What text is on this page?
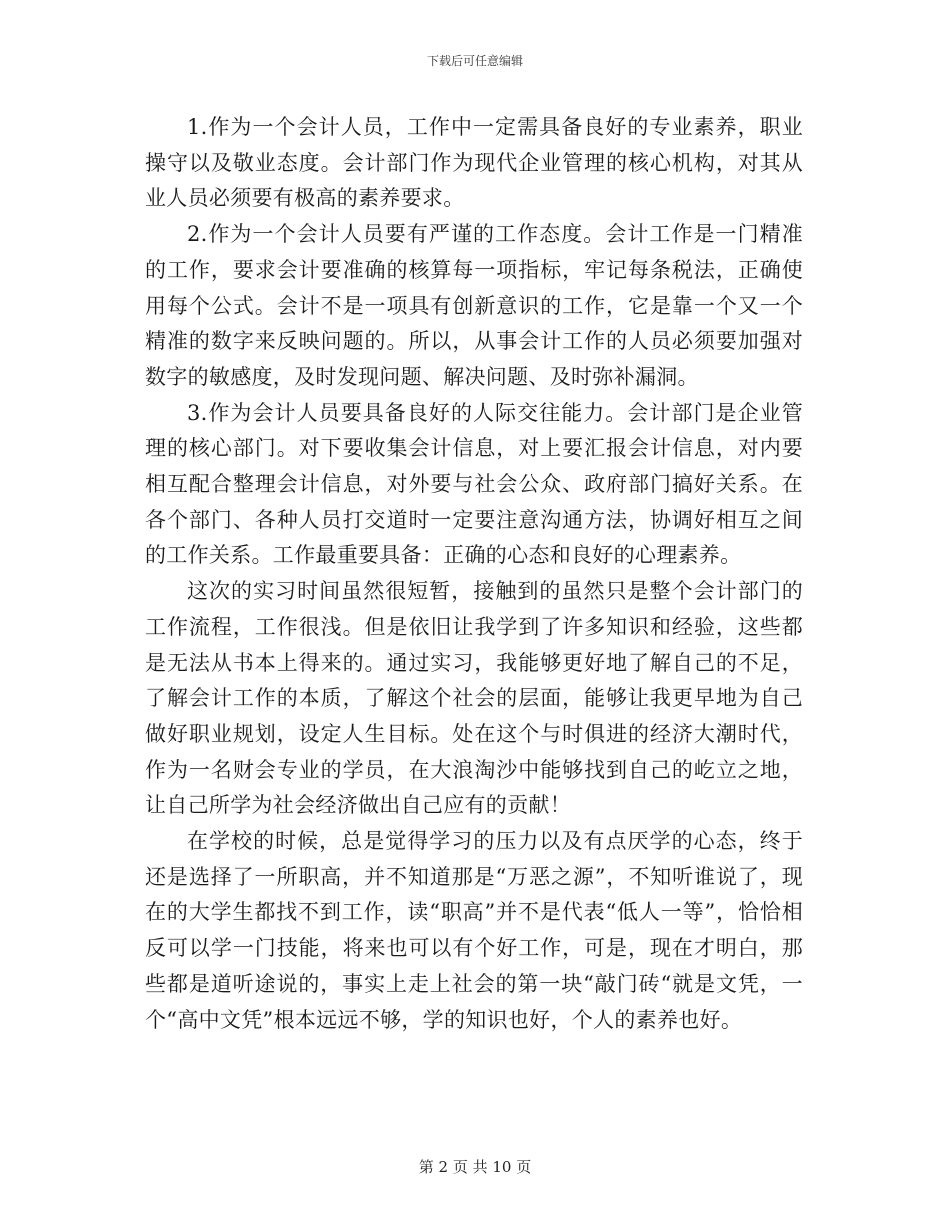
下载后可任意编辑

1.作为一个会计人员，工作中一定需具备良好的专业素养，职业操守以及敬业态度。会计部门作为现代企业管理的核心机构，对其从业人员必须要有极高的素养要求。

2.作为一个会计人员要有严谨的工作态度。会计工作是一门精准的工作，要求会计要准确的核算每一项指标，牢记每条税法，正确使用每个公式。会计不是一项具有创新意识的工作，它是靠一个又一个精准的数字来反映问题的。所以，从事会计工作的人员必须要加强对数字的敏感度，及时发现问题、解决问题、及时弥补漏洞。

3.作为会计人员要具备良好的人际交往能力。会计部门是企业管理的核心部门。对下要收集会计信息，对上要汇报会计信息，对内要相互配合整理会计信息，对外要与社会公众、政府部门搞好关系。在各个部门、各种人员打交道时一定要注意沟通方法，协调好相互之间的工作关系。工作最重要具备：正确的心态和良好的心理素养。

这次的实习时间虽然很短暂，接触到的虽然只是整个会计部门的工作流程，工作很浅。但是依旧让我学到了许多知识和经验，这些都是无法从书本上得来的。通过实习，我能够更好地了解自己的不足，了解会计工作的本质，了解这个社会的层面，能够让我更早地为自己做好职业规划，设定人生目标。处在这个与时俱进的经济大潮时代，作为一名财会专业的学员，在大浪淘沙中能够找到自己的屹立之地，让自己所学为社会经济做出自己应有的贡献！

在学校的时候，总是觉得学习的压力以及有点厌学的心态，终于还是选择了一所职高，并不知道那是“万恶之源”，不知听谁说了，现在的大学生都找不到工作，读“职高”并不是代表“低人一等”，恰恰相反可以学一门技能，将来也可以有个好工作，可是，现在才明白，那些都是道听途说的，事实上走上社会的第一块“敲门砖“就是文凭，一个“高中文凭”根本远远不够，学的知识也好，个人的素养也好。

第 2 页 共 10 页
